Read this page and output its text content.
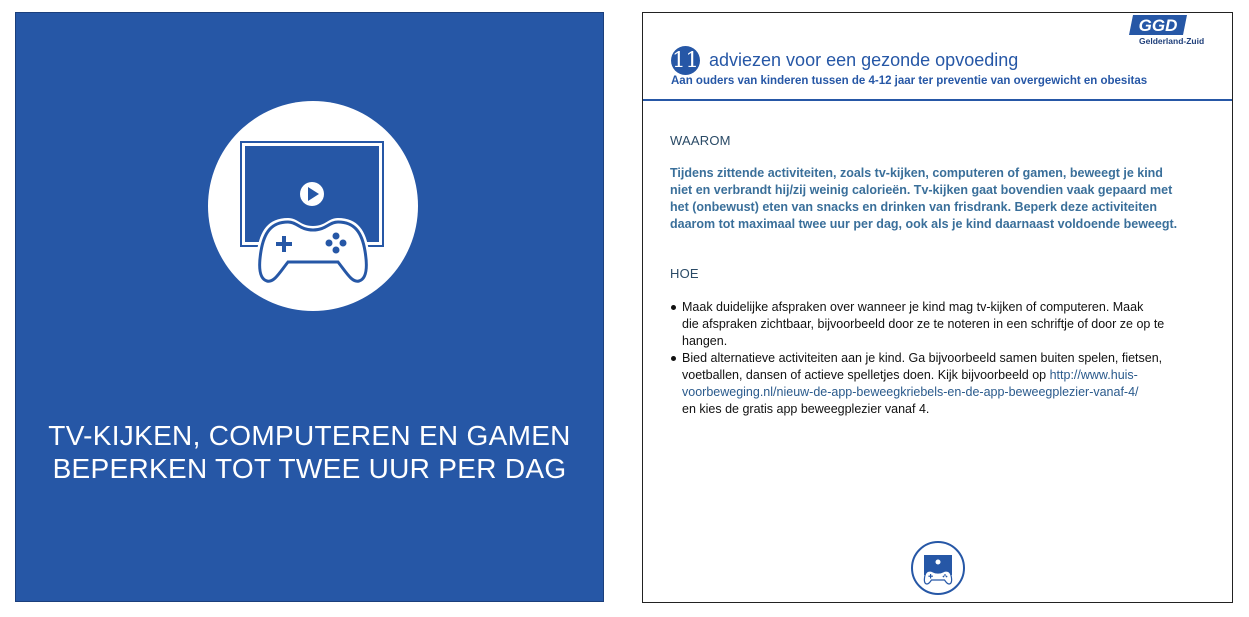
TV-KIJKEN, COMPUTEREN EN GAMEN
BEPERKEN TOT TWEE UUR PER DAG
GGD
Gelderland-Zuid
11 adviezen voor een gezonde opvoeding
Aan ouders van kinderen tussen de 4-12 jaar ter preventie van overgewicht en obesitas
WAAROM
Tijdens zittende activiteiten, zoals tv-kijken, computeren of gamen, beweegt je kind
niet en verbrandt hij/zij weinig calorieën. Tv-kijken gaat bovendien vaak gepaard met
het (onbewust) eten van snacks en drinken van frisdrank. Beperk deze activiteiten
daarom tot maximaal twee uur per dag, ook als je kind daarnaast voldoende beweegt.
HOE
Maak duidelijke afspraken over wanneer je kind mag tv-kijken of computeren. Maak
die afspraken zichtbaar, bijvoorbeeld door ze te noteren in een schriftje of door ze op te
hangen.
Bied alternatieve activiteiten aan je kind. Ga bijvoorbeeld samen buiten spelen, fietsen,
voetballen, dansen of actieve spelletjes doen. Kijk bijvoorbeeld op http://www.huis-
voorbeweging.nl/nieuw-de-app-beweegkriebels-en-de-app-beweegplezier-vanaf-4/
en kies de gratis app beweegplezier vanaf 4.
